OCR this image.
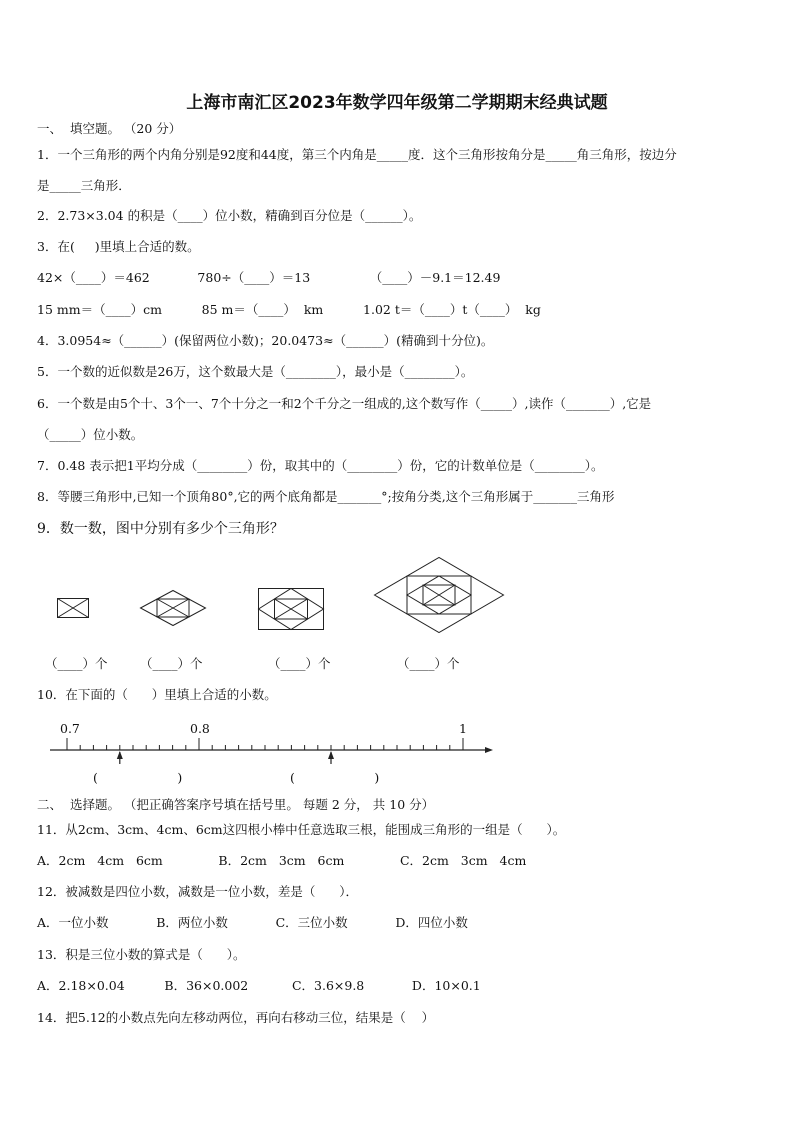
上海市南汇区2023年数学四年级第二学期期末经典试题
一、  填空题。 （20 分）
1．一个三角形的两个内角分别是92度和44度，第三个内角是_____度．这个三角形按角分是_____角三角形，按边分
是_____三角形．
2．2.73×3.04 的积是（____）位小数，精确到百分位是（______）。
3．在(     )里填上合适的数。
42×（____）＝462            780÷（____）＝13               （____）－9.1＝12.49
15 mm＝（____）cm          85 m＝（____）  km          1.02 t＝（____）t（____）  kg
4．3.0954≈（______）(保留两位小数)；20.0473≈（______）(精确到十分位)。
5．一个数的近似数是26万，这个数最大是（________），最小是（________）。
6．一个数是由5个十、3个一、7个十分之一和2个千分之一组成的,这个数写作（_____）,读作（_______）,它是
（_____）位小数。
7．0.48 表示把1平均分成（________）份，取其中的（________）份，它的计数单位是（________）。
8．等腰三角形中,已知一个顶角80°,它的两个底角都是_______°;按角分类,这个三角形属于_______三角形
9．数一数，图中分别有多少个三角形？
（____）个	（____）个	（____）个	（____）个
10．在下面的（      ）里填上合适的小数。
0.7	0.8	1
(                    )	(                    )
二、  选择题。 （把正确答案序号填在括号里。 每题 2 分， 共 10 分）
11．从2cm、3cm、4cm、6cm这四根小棒中任意选取三根，能围成三角形的一组是（      ）。
A．2cm   4cm   6cm              B．2cm   3cm   6cm              C．2cm   3cm   4cm
12．被减数是四位小数，减数是一位小数，差是（      ）．
A．一位小数            B．两位小数            C．三位小数            D．四位小数
13．积是三位小数的算式是（      ）。
A．2.18×0.04          B．36×0.002           C．3.6×9.8            D．10×0.1
14．把5.12的小数点先向左移动两位，再向右移动三位，结果是（    ）
